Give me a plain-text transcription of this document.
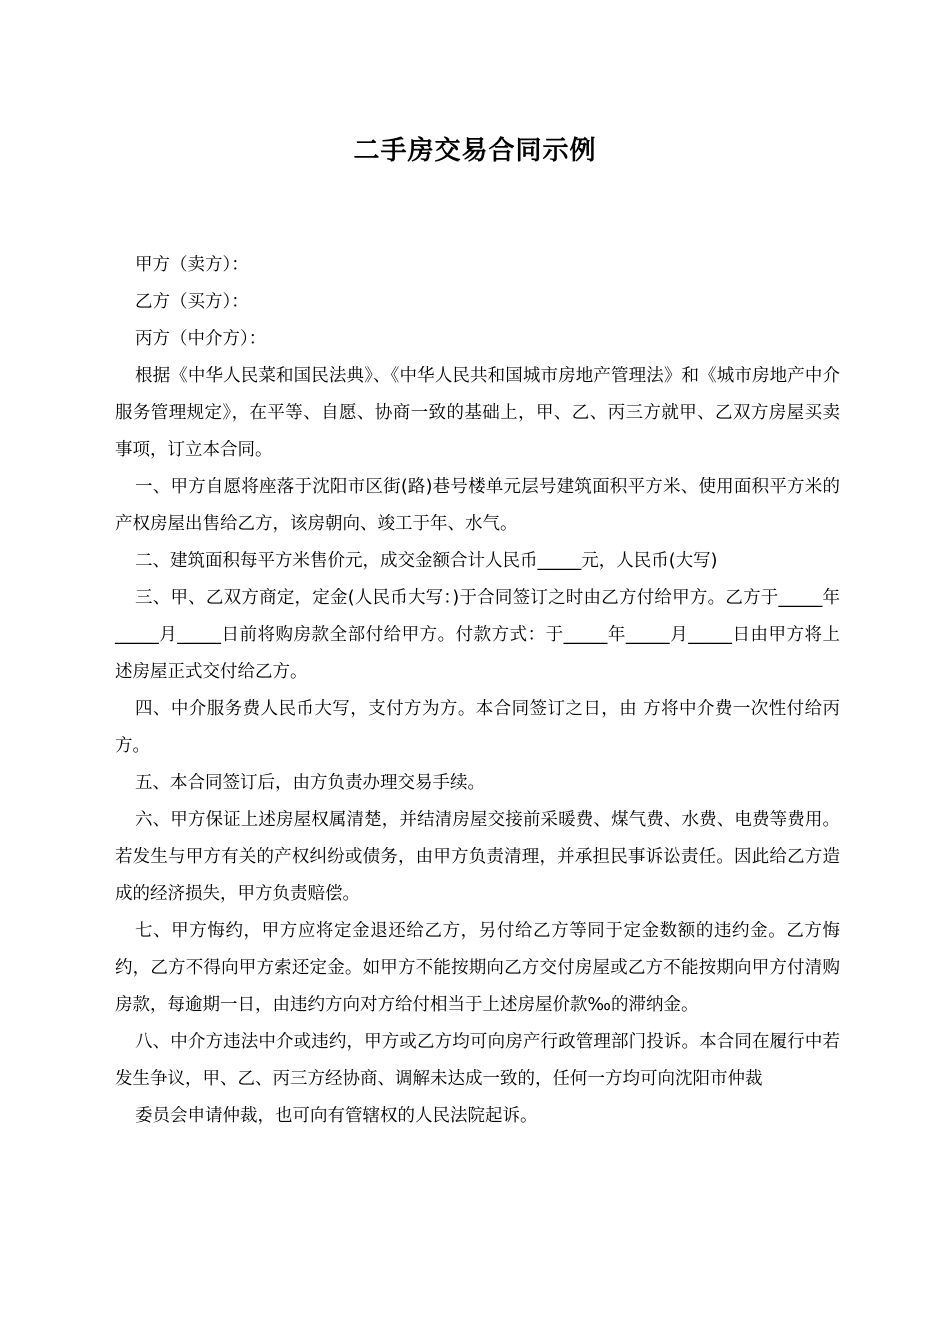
二手房交易合同示例

甲方（卖方）：

乙方（买方）：

丙方（中介方）：

根据《中华人民菜和国民法典》、《中华人民共和国城市房地产管理法》和《城市房地产中介服务管理规定》，在平等、自愿、协商一致的基础上，甲、乙、丙三方就甲、乙双方房屋买卖事项，订立本合同。

一、甲方自愿将座落于沈阳市区街(路)巷号楼单元层号建筑面积平方米、使用面积平方米的产权房屋出售给乙方，该房朝向、竣工于年、水气。

二、建筑面积每平方米售价元，成交金额合计人民币_____元，人民币(大写)

三、甲、乙双方商定，定金(人民币大写：)于合同签订之时由乙方付给甲方。乙方于_____年_____月_____日前将购房款全部付给甲方。付款方式：于_____年_____月_____日由甲方将上述房屋正式交付给乙方。

四、中介服务费人民币大写，支付方为方。本合同签订之日，由 方将中介费一次性付给丙方。

五、本合同签订后，由方负责办理交易手续。

六、甲方保证上述房屋权属清楚，并结清房屋交接前采暖费、煤气费、水费、电费等费用。若发生与甲方有关的产权纠纷或债务，由甲方负责清理，并承担民事诉讼责任。因此给乙方造成的经济损失，甲方负责赔偿。

七、甲方悔约，甲方应将定金退还给乙方，另付给乙方等同于定金数额的违约金。乙方悔约，乙方不得向甲方索还定金。如甲方不能按期向乙方交付房屋或乙方不能按期向甲方付清购房款，每逾期一日，由违约方向对方给付相当于上述房屋价款‰的滞纳金。

八、中介方违法中介或违约，甲方或乙方均可向房产行政管理部门投诉。本合同在履行中若发生争议，甲、乙、丙三方经协商、调解未达成一致的，任何一方均可向沈阳市仲裁

委员会申请仲裁，也可向有管辖权的人民法院起诉。
